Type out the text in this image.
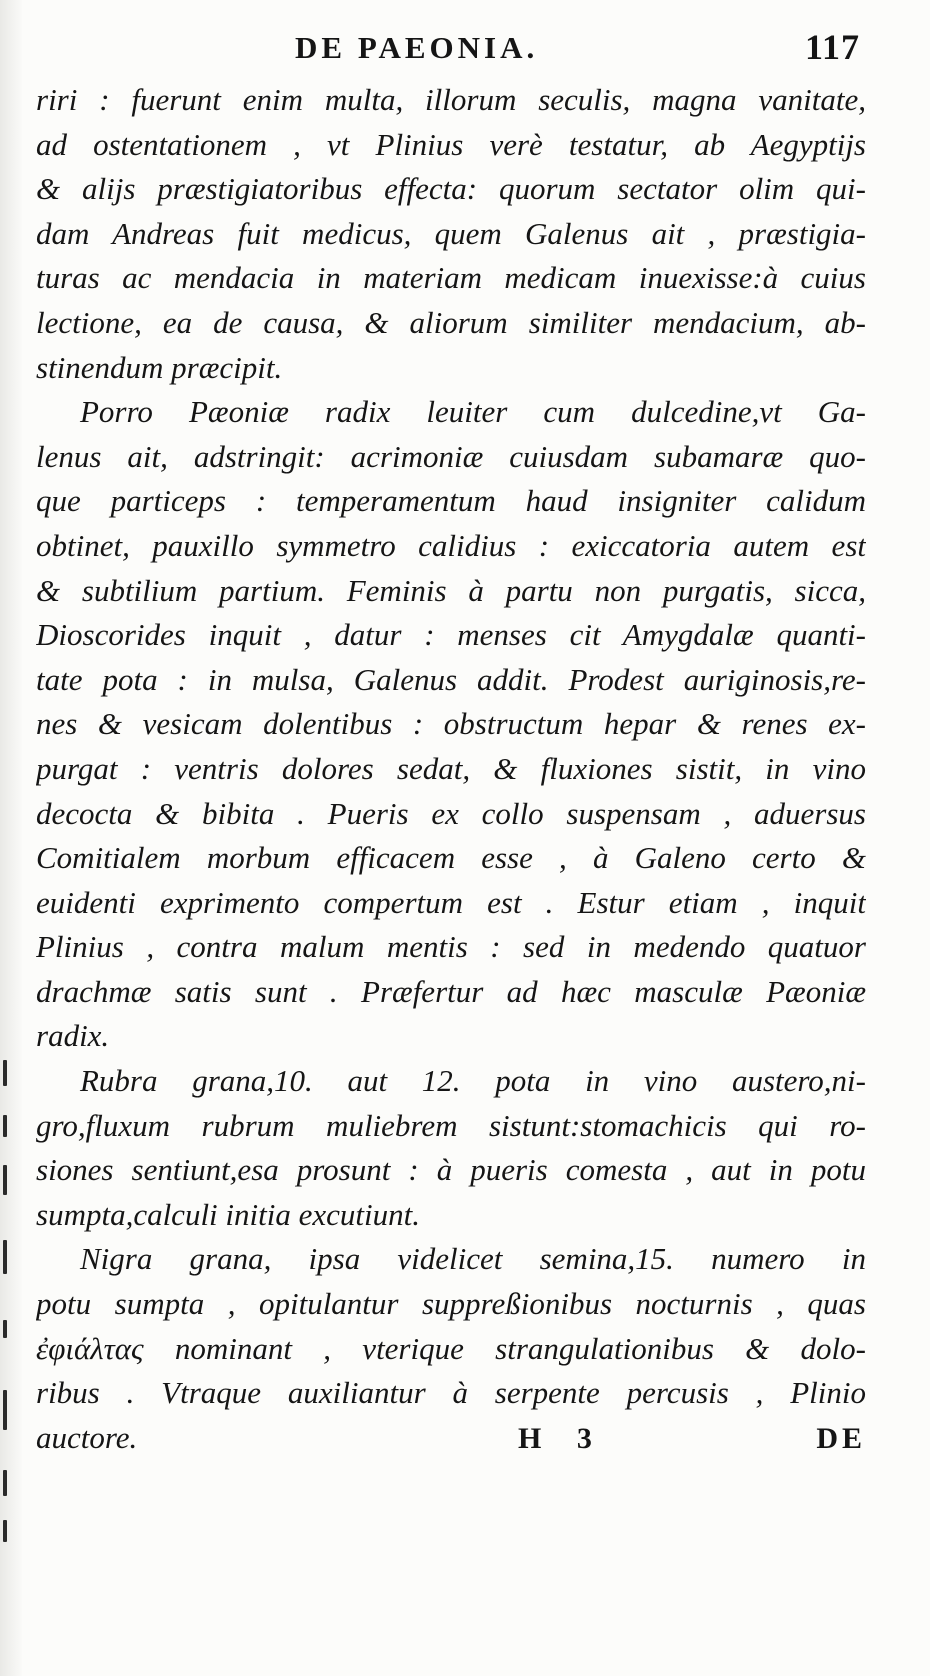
DE PAEONIA.	117
riri : fuerunt enim multa, illorum seculis, magna vanitate,
ad ostentationem , vt Plinius verè testatur, ab Aegyptijs
& alijs præstigiatoribus effecta: quorum sectator olim qui-
dam Andreas fuit medicus, quem Galenus ait , præstigia-
turas ac mendacia in materiam medicam inuexisse:à cuius
lectione, ea de causa, & aliorum similiter mendacium, ab-
stinendum præcipit.
Porro Pæoniæ radix leuiter cum dulcedine,vt Ga-
lenus ait, adstringit: acrimoniæ cuiusdam subamaræ quo-
que particeps : temperamentum haud insigniter calidum
obtinet, pauxillo symmetro calidius : exiccatoria autem est
& subtilium partium. Feminis à partu non purgatis, sicca,
Dioscorides inquit , datur : menses cit Amygdalæ quanti-
tate pota : in mulsa, Galenus addit. Prodest auriginosis,re-
nes & vesicam dolentibus : obstructum hepar & renes ex-
purgat : ventris dolores sedat, & fluxiones sistit, in vino
decocta & bibita . Pueris ex collo suspensam , aduersus
Comitialem morbum efficacem esse , à Galeno certo &
euidenti exprimento compertum est . Estur etiam , inquit
Plinius , contra malum mentis : sed in medendo quatuor
drachmæ satis sunt . Præfertur ad hæc masculæ Pæoniæ
radix.
Rubra grana,10. aut 12. pota in vino austero,ni-
gro,fluxum rubrum muliebrem sistunt:stomachicis qui ro-
siones sentiunt,esa prosunt : à pueris comesta , aut in potu
sumpta,calculi initia excutiunt.
Nigra grana, ipsa videlicet semina,15. numero in
potu sumpta , opitulantur suppreßionibus nocturnis , quas
ἐφιάλτας nominant , vterique strangulationibus & dolo-
ribus . Vtraque auxiliantur à serpente percusis , Plinio
auctore.	H 3	DE
